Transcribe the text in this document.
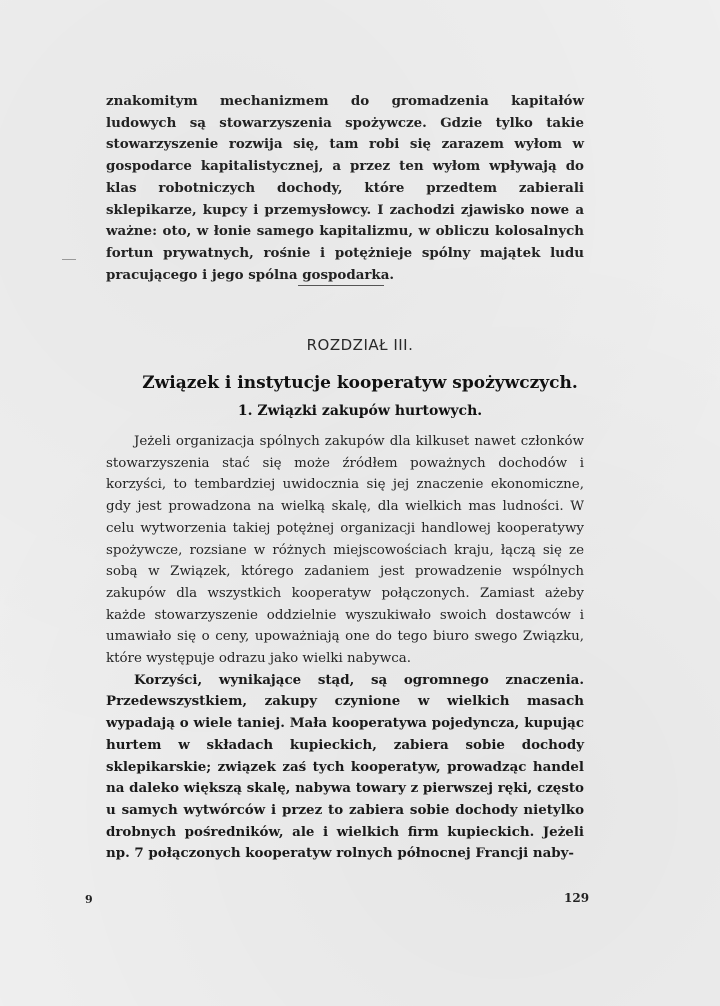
znakomitym mechanizmem do gromadzenia kapitałów ludowych są stowarzyszenia spożywcze. Gdzie tylko takie stowarzyszenie rozwija się, tam robi się zarazem wyłom w gospodarce kapitalistycznej, a przez ten wyłom wpływają do klas robotniczych dochody, które przedtem zabierali sklepikarze, kupcy i przemysłowcy. I zachodzi zjawisko nowe a ważne: oto, w łonie samego kapitalizmu, w obliczu kolosalnych fortun prywatnych, rośnie i potężnieje spólny majątek ludu pracującego i jego spólna gospodarka.

ROZDZIAŁ III.
Związek i instytucje kooperatyw spożywczych.
1. Związki zakupów hurtowych.

Jeżeli organizacja spólnych zakupów dla kilkuset nawet członków stowarzyszenia stać się może źródłem poważnych dochodów i korzyści, to tembardziej uwidocznia się jej znaczenie ekonomiczne, gdy jest prowadzona na wielką skalę, dla wielkich mas ludności. W celu wytworzenia takiej potężnej organizacji handlowej kooperatywy spożywcze, rozsiane w różnych miejscowościach kraju, łączą się ze sobą w Związek, którego zadaniem jest prowadzenie wspólnych zakupów dla wszystkich kooperatyw połączonych. Zamiast ażeby każde stowarzyszenie oddzielnie wyszukiwało swoich dostawców i umawiało się o ceny, upoważniają one do tego biuro swego Związku, które występuje odrazu jako wielki nabywca.

Korzyści, wynikające stąd, są ogromnego znaczenia. Przedewszystkiem, zakupy czynione w wielkich masach wypadają o wiele taniej. Mała kooperatywa pojedyncza, kupując hurtem w składach kupieckich, zabiera sobie dochody sklepikarskie; związek zaś tych kooperatyw, prowadząc handel na daleko większą skalę, nabywa towary z pierwszej ręki, często u samych wytwórców i przez to zabiera sobie dochody nietylko drobnych pośredników, ale i wielkich firm kupieckich. Jeżeli np. 7 połączonych kooperatyw rolnych północnej Francji naby-

9	129
